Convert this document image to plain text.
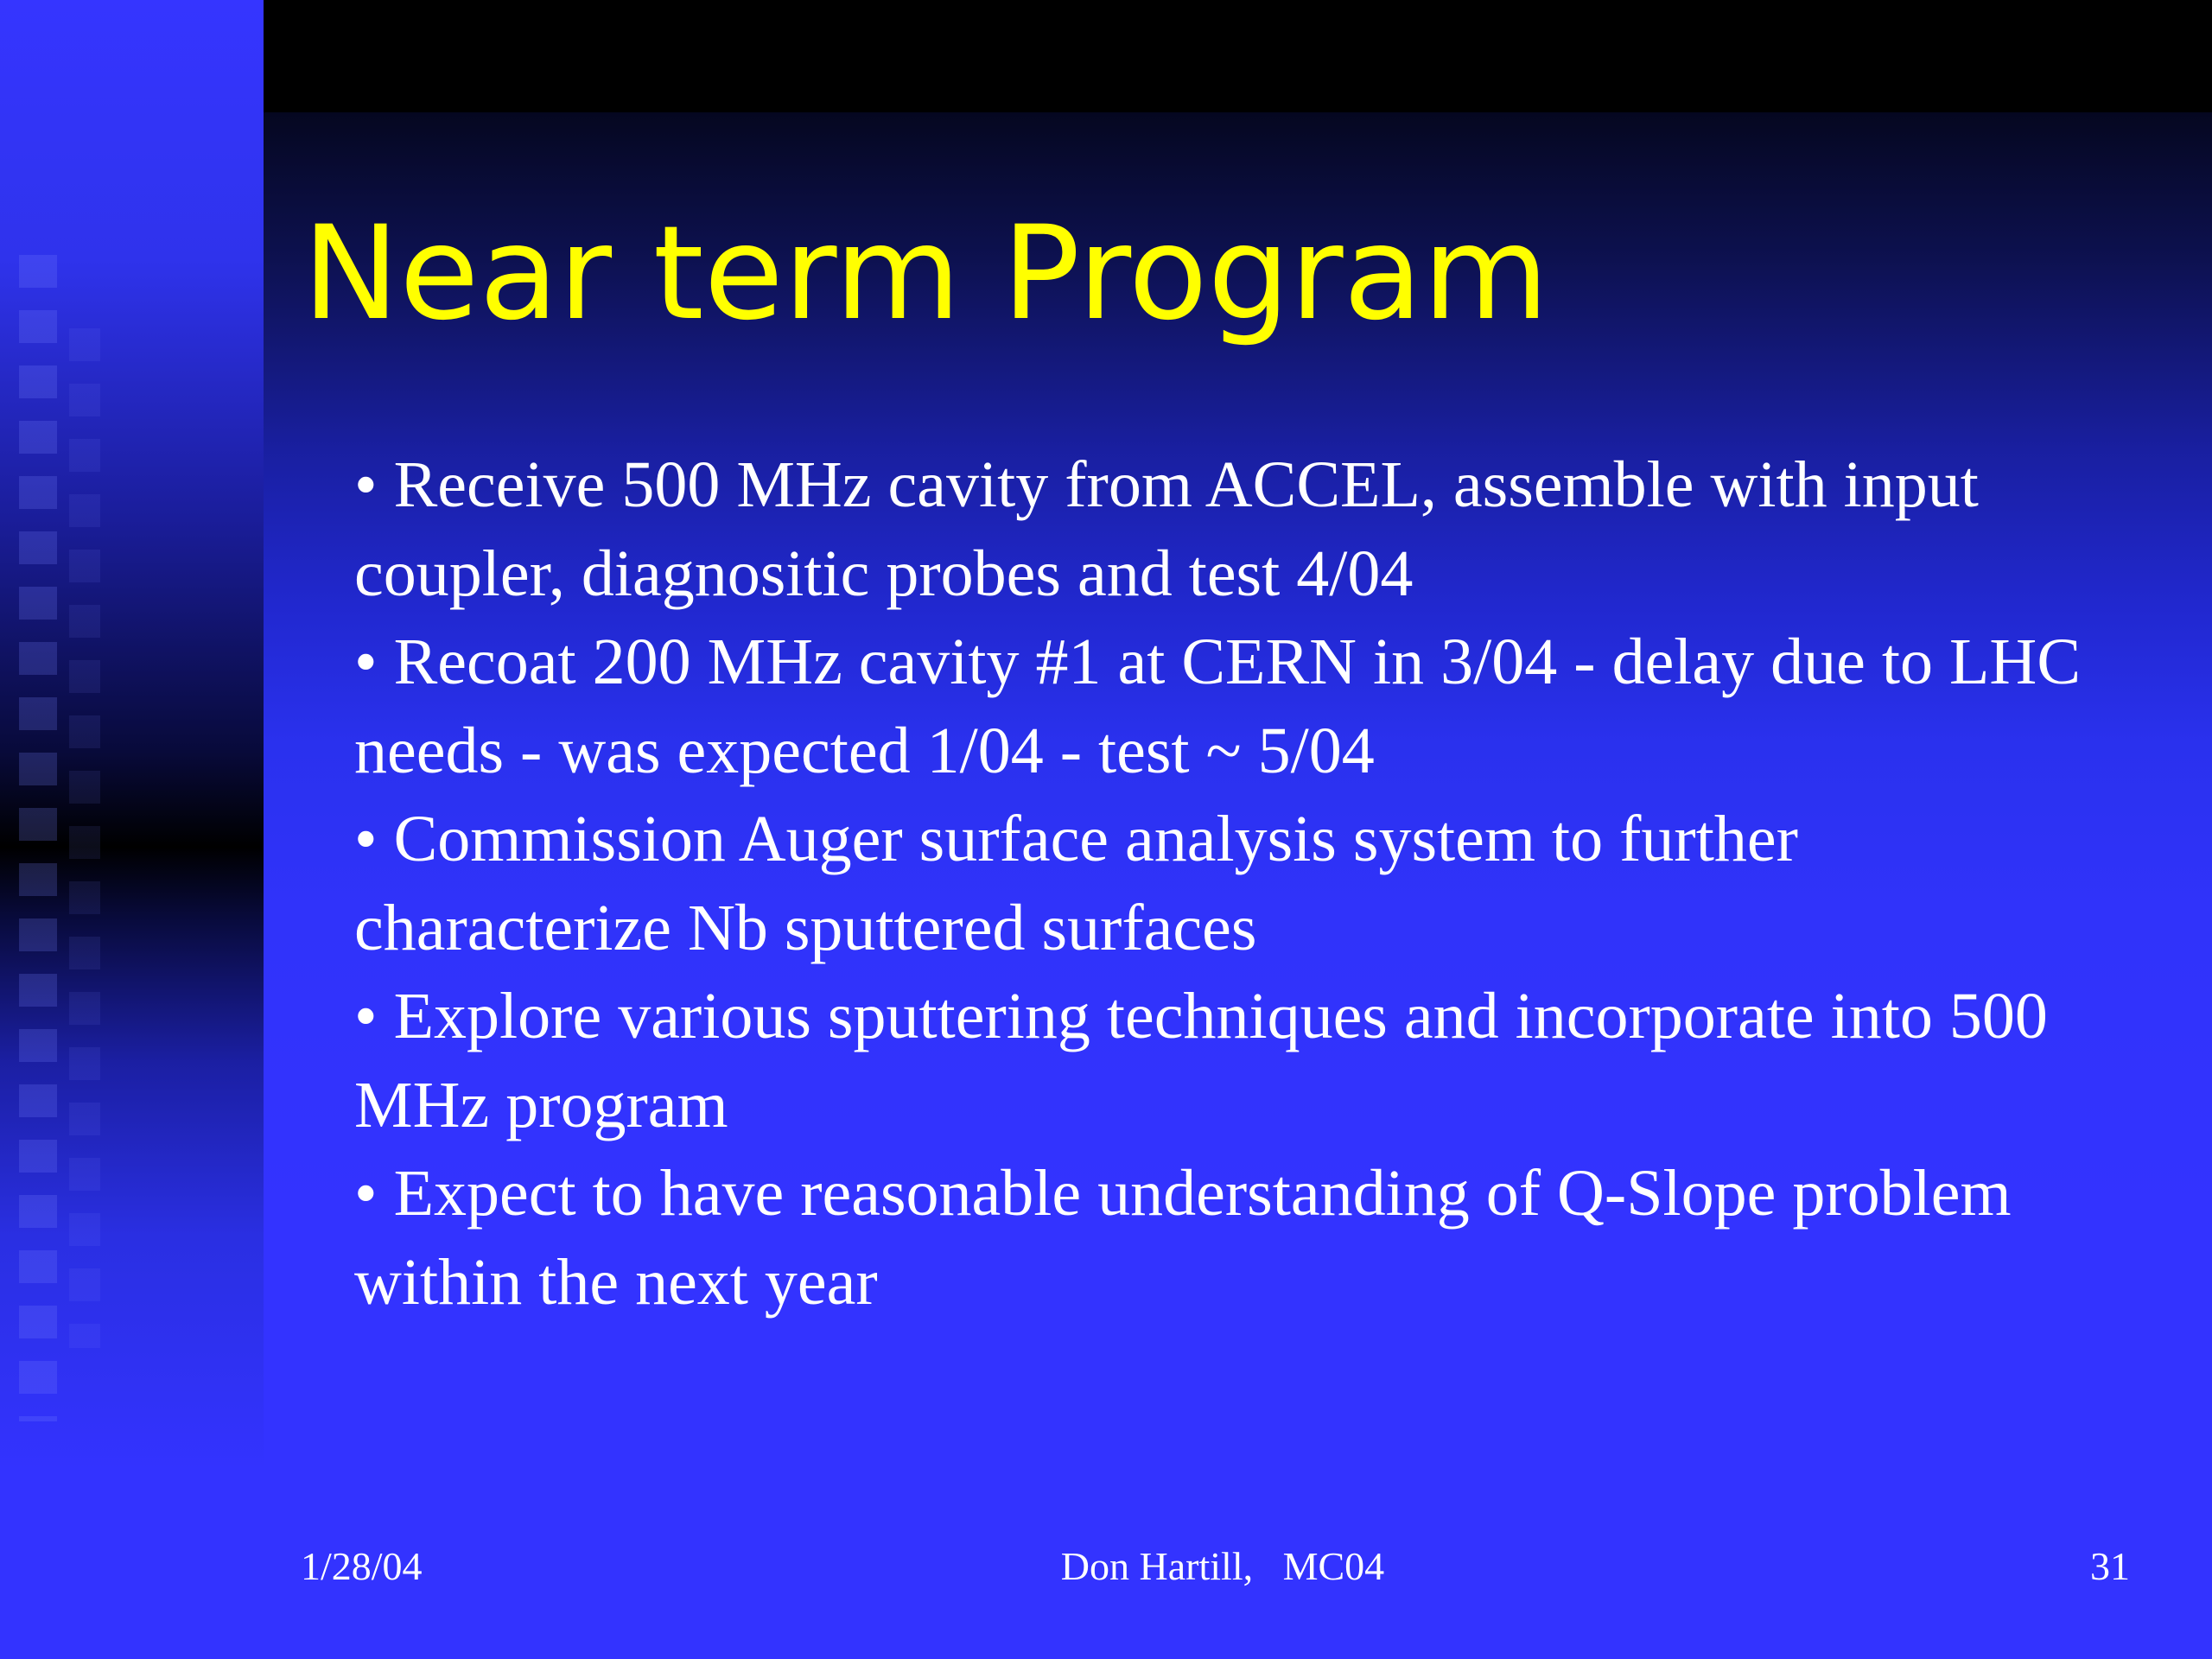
Near term Program
• Receive 500 MHz cavity from ACCEL, assemble with input coupler, diagnositic probes and test 4/04
• Recoat 200 MHz cavity #1 at CERN in 3/04 - delay due to LHC needs - was expected 1/04 - test ~ 5/04
• Commission Auger surface analysis system to further characterize Nb sputtered surfaces
• Explore various sputtering techniques and incorporate into 500 MHz program
• Expect to have reasonable understanding of Q-Slope problem within the next year
1/28/04	Don Hartill,   MC04	31
